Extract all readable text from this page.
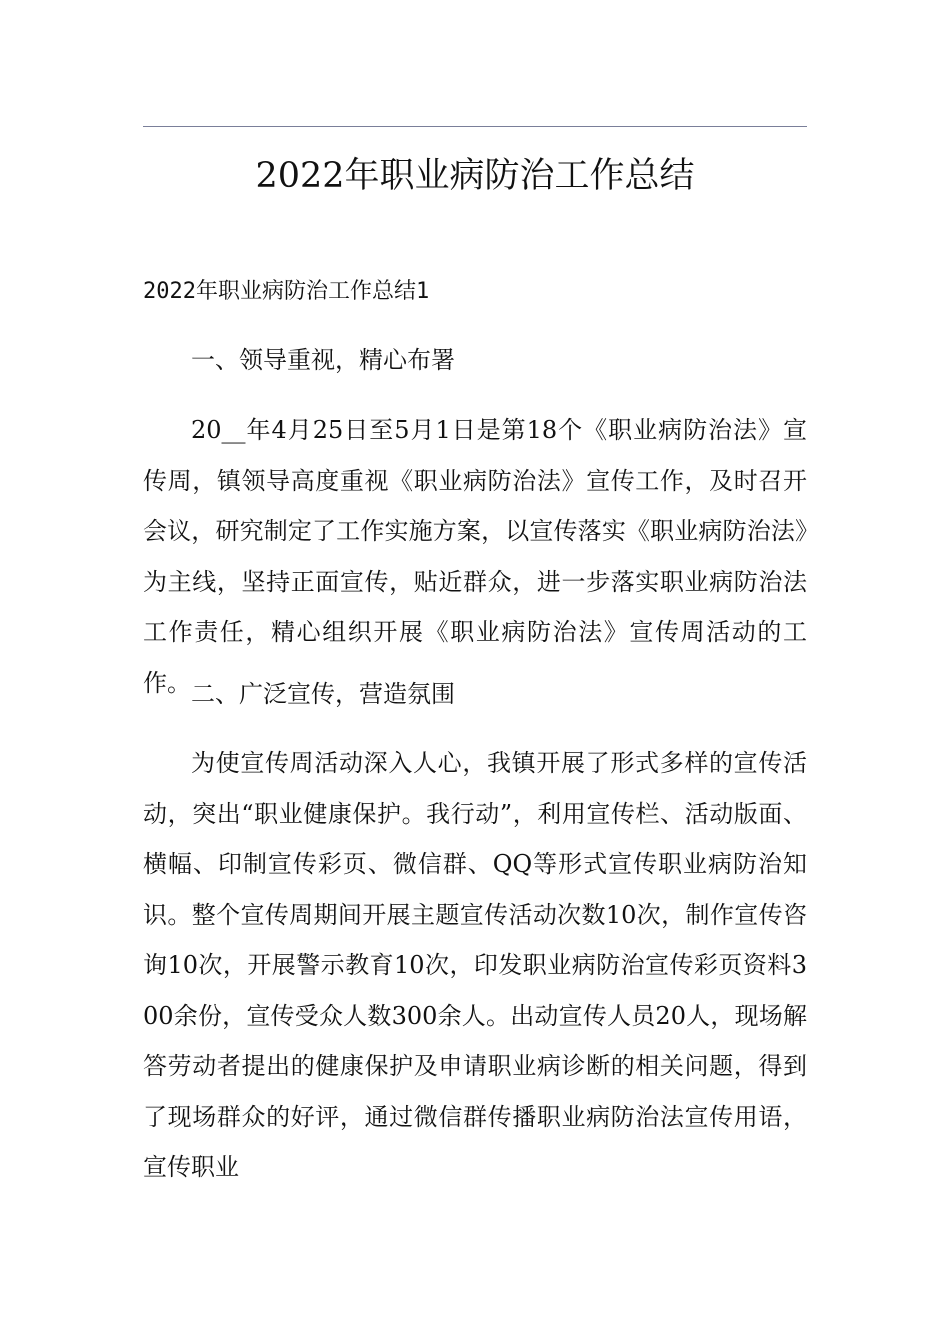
2022年职业病防治工作总结

2022年职业病防治工作总结1

一、领导重视，精心布署

20__年4月25日至5月1日是第18个《职业病防治法》宣传周，镇领导高度重视《职业病防治法》宣传工作，及时召开会议，研究制定了工作实施方案，以宣传落实《职业病防治法》为主线，坚持正面宣传，贴近群众，进一步落实职业病防治法工作责任，精心组织开展《职业病防治法》宣传周活动的工作。 二、广泛宣传，营造氛围

为使宣传周活动深入人心，我镇开展了形式多样的宣传活动，突出“职业健康保护。我行动”，利用宣传栏、活动版面、横幅、印制宣传彩页、微信群、QQ等形式宣传职业病防治知识。整个宣传周期间开展主题宣传活动次数10次，制作宣传咨询10次，开展警示教育10次，印发职业病防治宣传彩页资料300余份，宣传受众人数300余人。出动宣传人员20人，现场解答劳动者提出的健康保护及申请职业病诊断的相关问题，得到了现场群众的好评，通过微信群传播职业病防治法宣传用语，宣传职业
